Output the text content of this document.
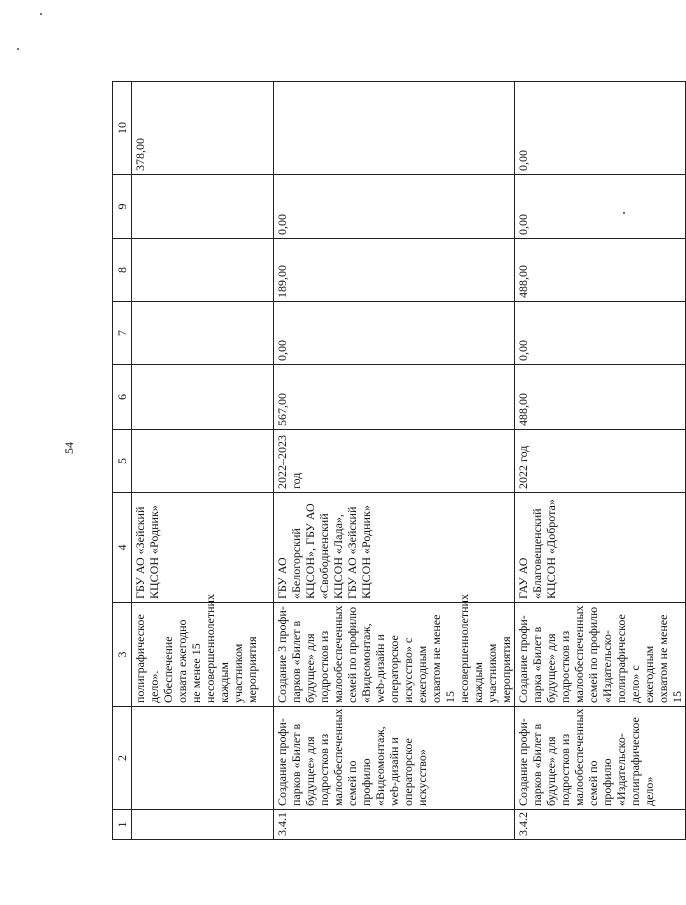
54
1	2	3	4	5	6	7	8	9	10
		полиграфическое дело». Обеспечение охвата ежегодно не менее 15 несовершеннолетних каждым участником мероприятия	ГБУ АО «Зейский КЦСОН «Родник»						378,00
3.4.1	Создание профи-парков «Билет в будущее» для подростков из малообеспеченных семей по профилю «Видеомонтаж, web-дизайн и операторское искусство»	Создание 3 профи-парков «Билет в будущее» для подростков из малообеспеченных семей по профилю «Видеомонтаж, web-дизайн и операторское искусство» с ежегодным охватом не менее 15 несовершеннолетних каждым участником мероприятия	ГБУ АО «Белогорский КЦСОН», ГБУ АО «Свободненский КЦСОН «Лада», ГБУ АО «Зейский КЦСОН «Родник»	2022–2023 год	567,00	0,00	189,00	0,00	
3.4.2	Создание профи-парков «Билет в будущее» для подростков из малообеспеченных семей по профилю «Издательско-полиграфическое дело»	Создание профи-парка «Билет в будущее» для подростков из малообеспеченных семей по профилю «Издательско-полиграфическое дело» с ежегодным охватом не менее 15	ГАУ АО «Благовещенский КЦСОН «Доброта»	2022 год	488,00	0,00	488,00	0,00	0,00
